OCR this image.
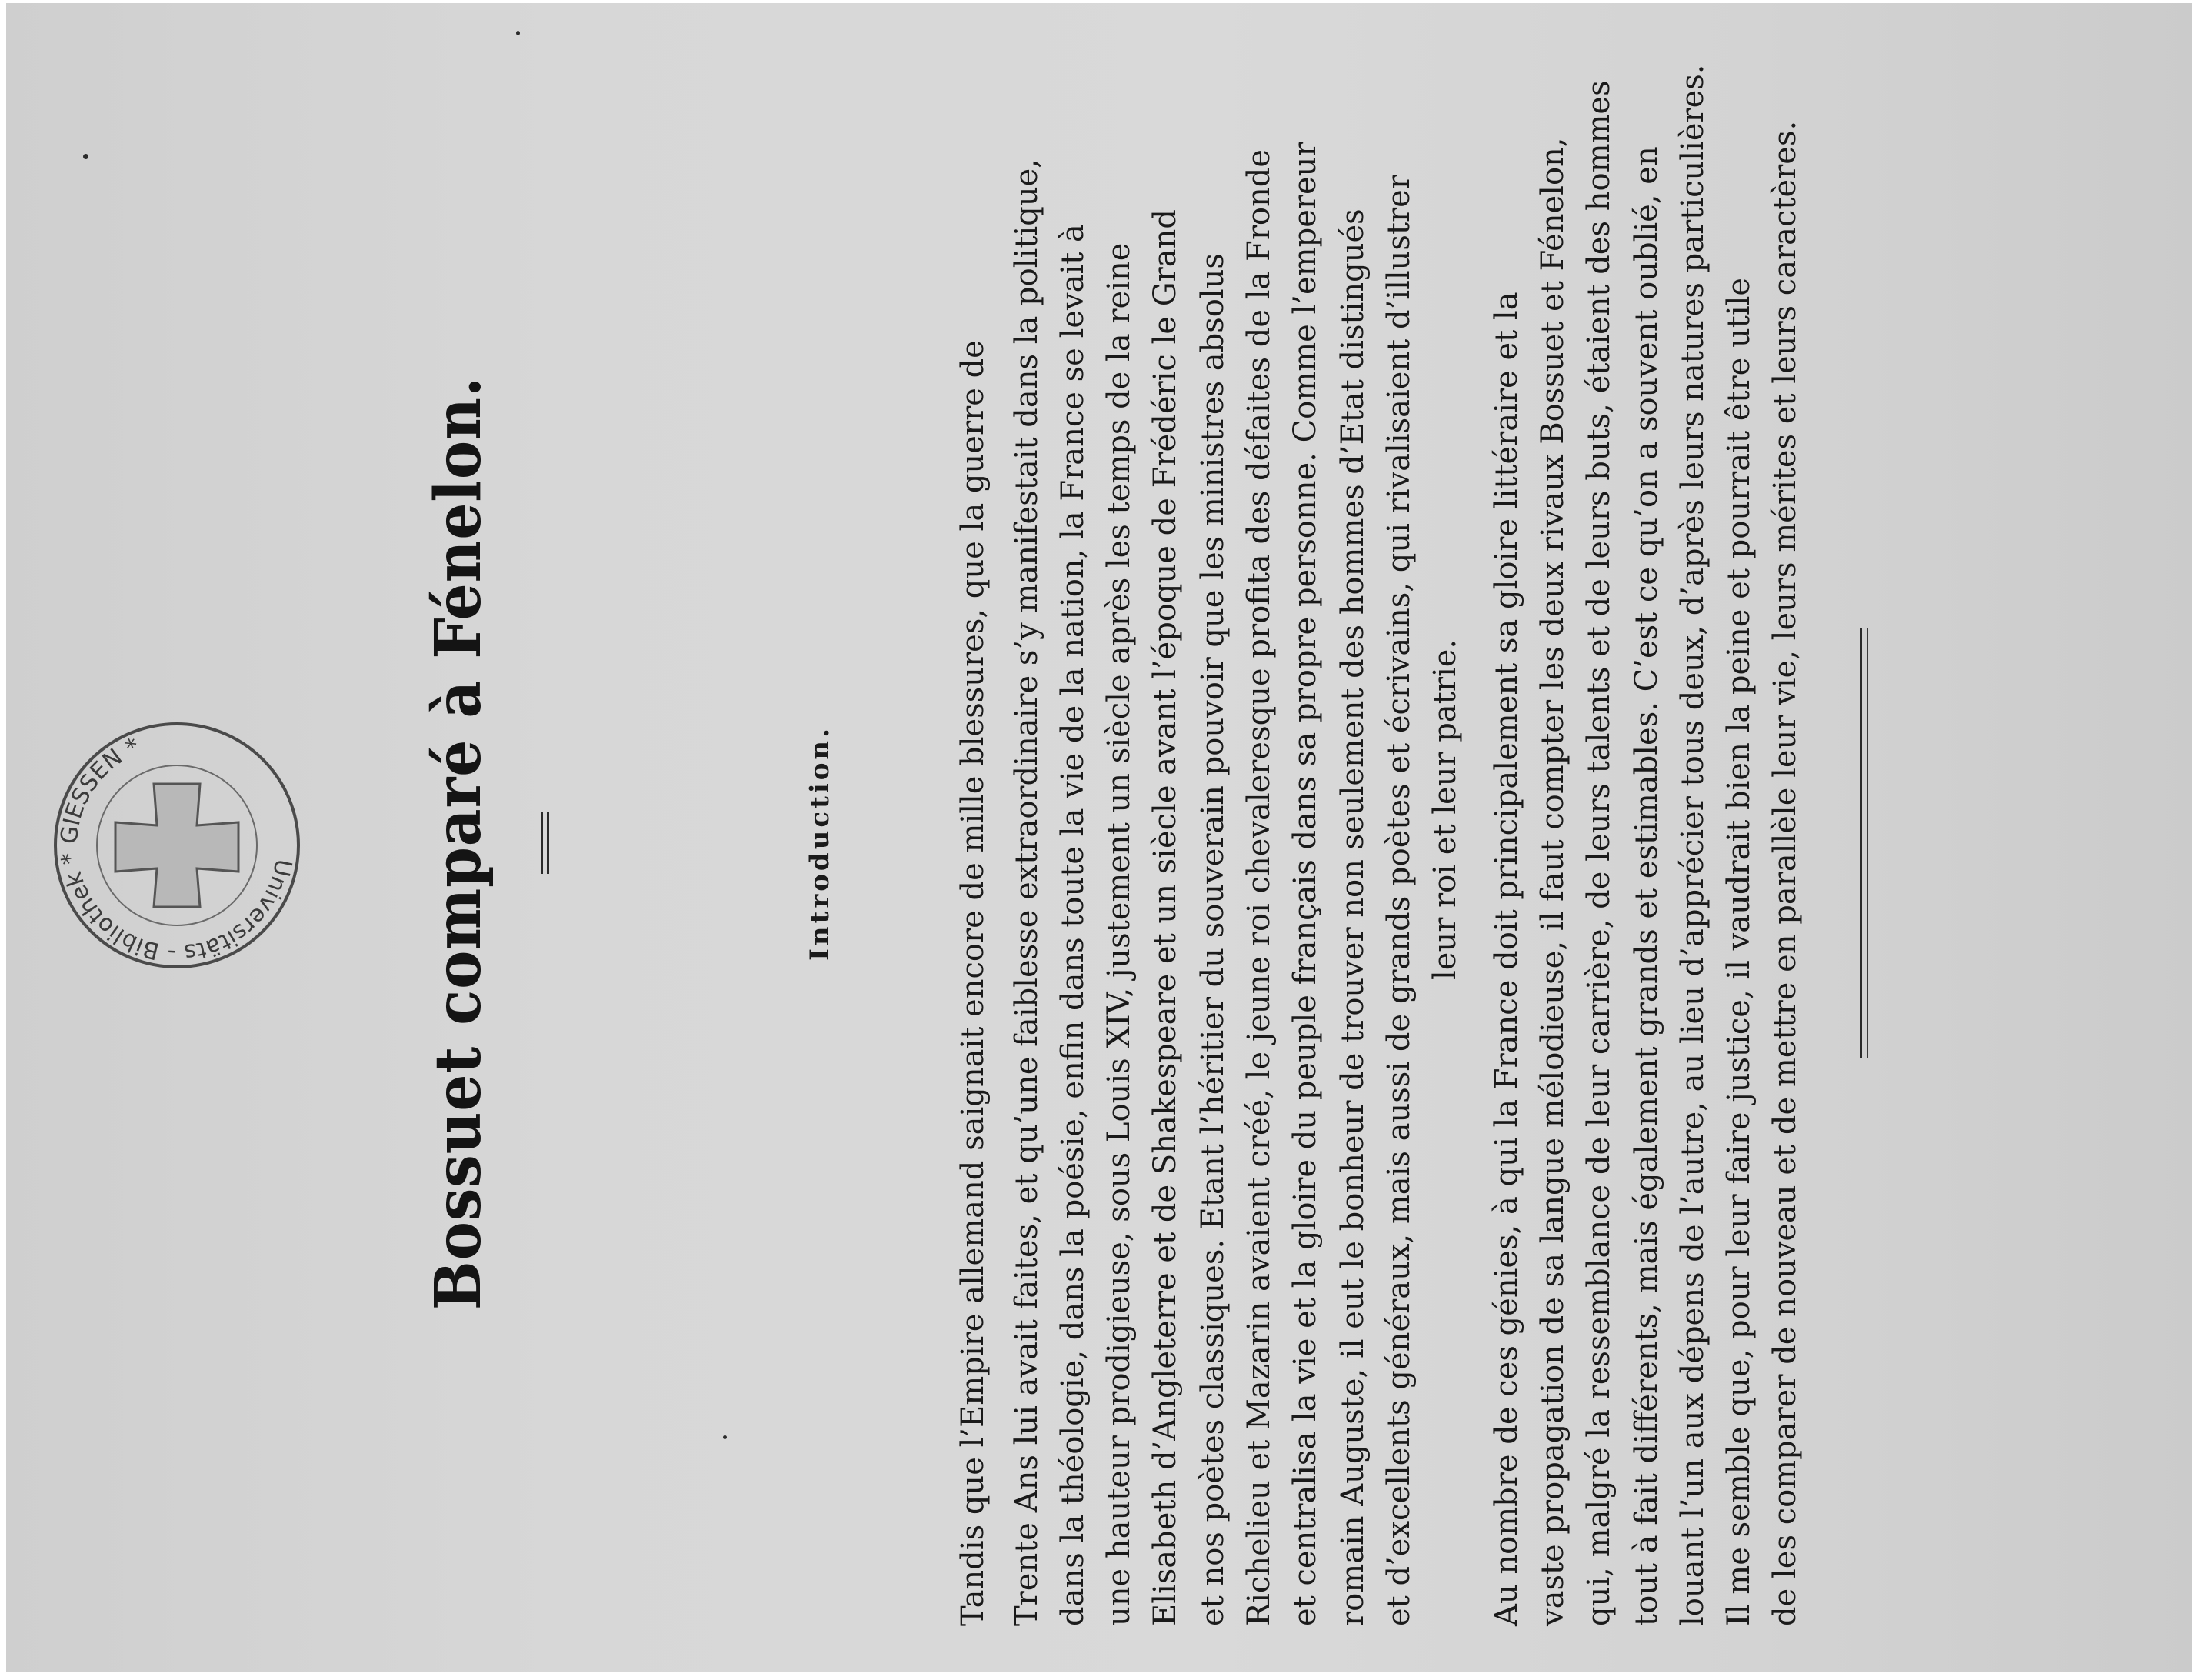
Bossuet comparé à Fénelon.	Introduction.	Tandis que l’Empire allemand saignait encore de mille blessures, que la guerre de Trente Ans lui avait faites, et qu’une faiblesse extraordinaire s’y manifestait dans la politique, dans la théologie, dans la poésie, enfin dans toute la vie de la nation, la France se levait à une hauteur prodigieuse, sous Louis XIV, justement un siècle après les temps de la reine Elisabeth d’Angleterre et de Shakespeare et un siècle avant l’époque de Frédéric le Grand et nos poètes classiques. Etant l’héritier du souverain pouvoir que les ministres absolus Richelieu et Mazarin avaient créé, le jeune roi chevaleresque profita des défaites de la Fronde et centralisa la vie et la gloire du peuple français dans sa propre personne. Comme l’empereur romain Auguste, il eut le bonheur de trouver non seulement des hommes d’Etat distingués et d’excellents généraux, mais aussi de grands poètes et écrivains, qui rivalisaient d’illustrer leur roi et leur patrie. Au nombre de ces génies, à qui la France doit principalement sa gloire littéraire et la vaste propagation de sa langue mélodieuse, il faut compter les deux rivaux Bossuet et Fénelon, qui, malgré la ressemblance de leur carrière, de leurs talents et de leurs buts, étaient des hommes tout à fait différents, mais également grands et estimables. C’est ce qu’on a souvent oublié, en louant l’un aux dépens de l’autre, au lieu d’apprécier tous deux, d’après leurs natures particulières. Il me semble que, pour leur faire justice, il vaudrait bien la peine et pourrait être utile de les comparer de nouveau et de mettre en parallèle leur vie, leurs mérites et leurs caractères.
Universitäts - Bibliothek * GIESSEN *
